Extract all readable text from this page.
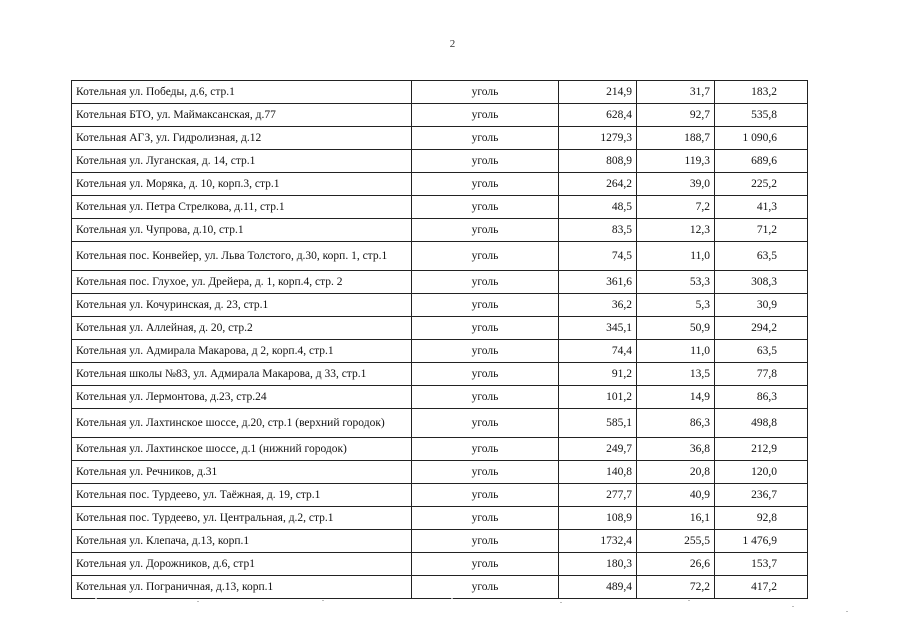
2
Котельная ул. Победы, д.6, стр.1	уголь	214,9	31,7	183,2
Котельная БТО, ул. Маймаксанская, д.77	уголь	628,4	92,7	535,8
Котельная АГЗ, ул. Гидролизная, д.12	уголь	1279,3	188,7	1 090,6
Котельная ул. Луганская, д. 14, стр.1	уголь	808,9	119,3	689,6
Котельная ул. Моряка, д. 10, корп.3, стр.1	уголь	264,2	39,0	225,2
Котельная ул. Петра Стрелкова, д.11, стр.1	уголь	48,5	7,2	41,3
Котельная ул. Чупрова, д.10, стр.1	уголь	83,5	12,3	71,2
Котельная пос. Конвейер, ул. Льва Толстого, д.30, корп. 1, стр.1	уголь	74,5	11,0	63,5
Котельная пос. Глухое, ул. Дрейера, д. 1, корп.4, стр. 2	уголь	361,6	53,3	308,3
Котельная ул. Кочуринская, д. 23, стр.1	уголь	36,2	5,3	30,9
Котельная ул. Аллейная, д. 20, стр.2	уголь	345,1	50,9	294,2
Котельная ул. Адмирала Макарова, д 2, корп.4, стр.1	уголь	74,4	11,0	63,5
Котельная школы №83, ул. Адмирала Макарова, д 33, стр.1	уголь	91,2	13,5	77,8
Котельная ул. Лермонтова, д.23, стр.24	уголь	101,2	14,9	86,3
Котельная ул. Лахтинское шоссе, д.20, стр.1 (верхний городок)	уголь	585,1	86,3	498,8
Котельная ул. Лахтинское шоссе, д.1 (нижний городок)	уголь	249,7	36,8	212,9
Котельная ул. Речников, д.31	уголь	140,8	20,8	120,0
Котельная пос. Турдеево, ул. Таёжная, д. 19, стр.1	уголь	277,7	40,9	236,7
Котельная пос. Турдеево, ул. Центральная, д.2, стр.1	уголь	108,9	16,1	92,8
Котельная ул. Клепача, д.13, корп.1	уголь	1732,4	255,5	1 476,9
Котельная ул. Дорожников, д.6, стр1	уголь	180,3	26,6	153,7
Котельная ул. Пограничная, д.13, корп.1	уголь	489,4	72,2	417,2
